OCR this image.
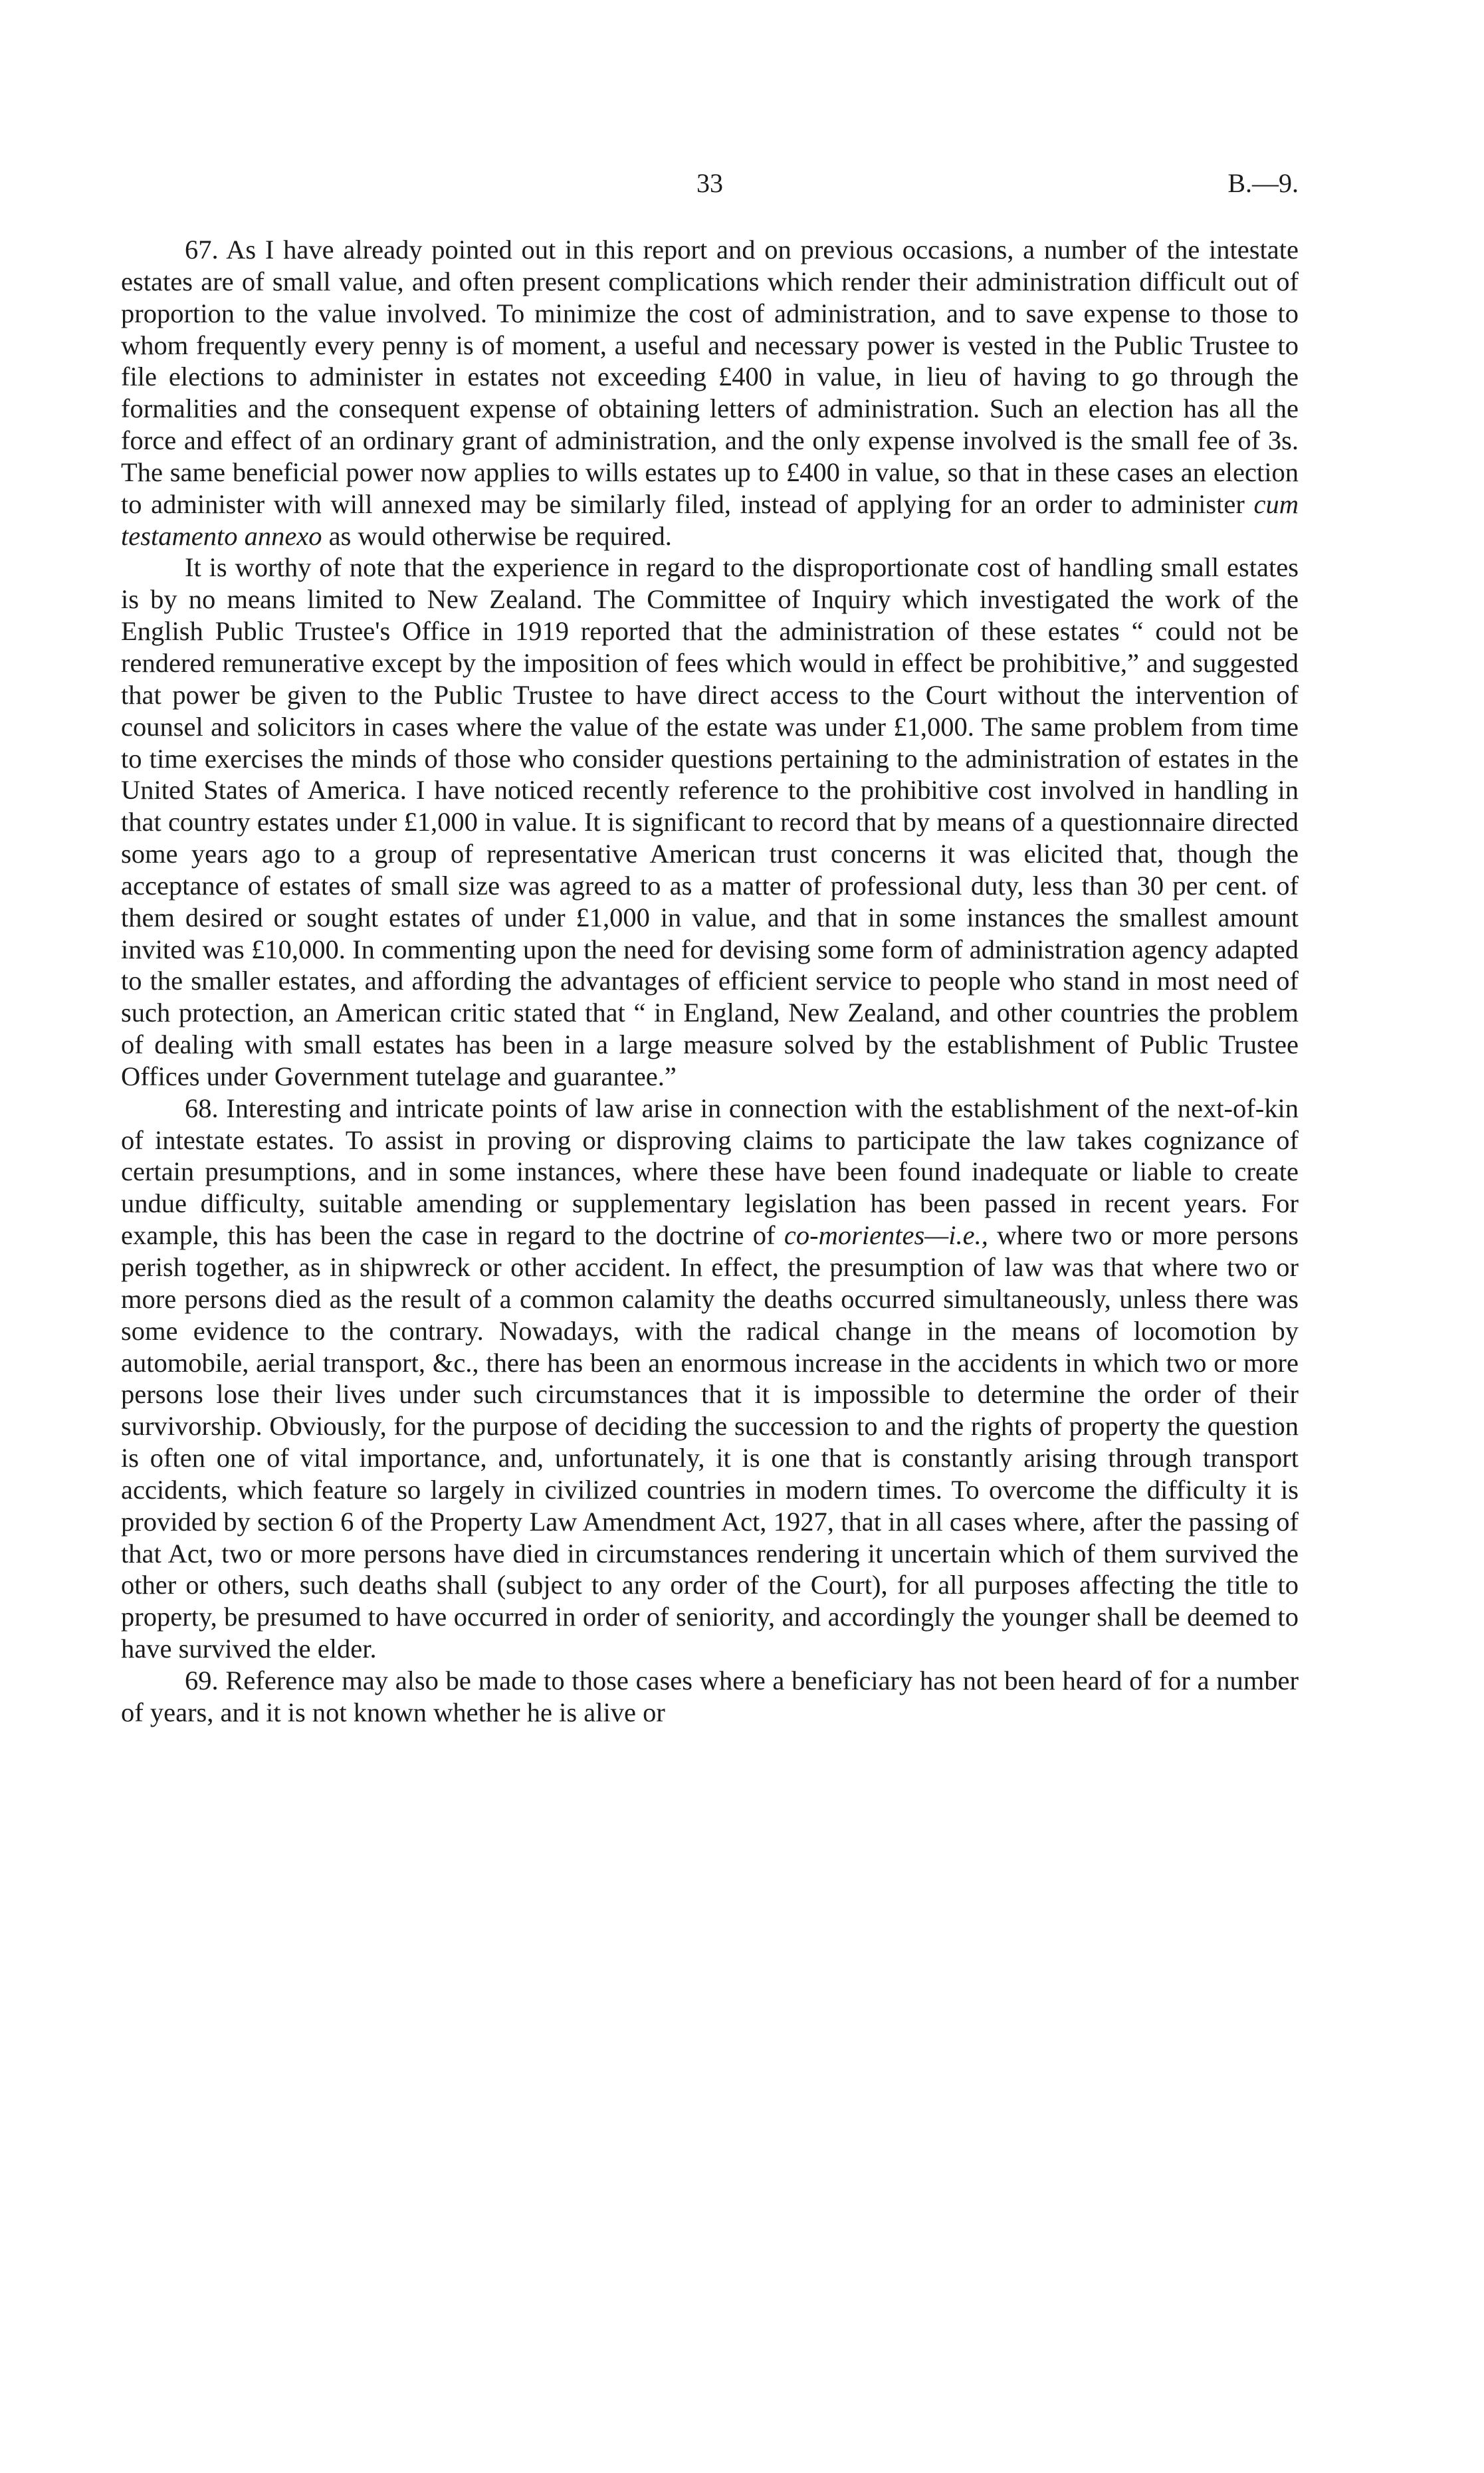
33	B.—9.

67. As I have already pointed out in this report and on previous occasions, a number of the intestate estates are of small value, and often present complications which render their administration difficult out of proportion to the value involved. To minimize the cost of administration, and to save expense to those to whom frequently every penny is of moment, a useful and necessary power is vested in the Public Trustee to file elections to administer in estates not exceeding £400 in value, in lieu of having to go through the formalities and the consequent expense of obtaining letters of administration. Such an election has all the force and effect of an ordinary grant of administration, and the only expense involved is the small fee of 3s. The same beneficial power now applies to wills estates up to £400 in value, so that in these cases an election to administer with will annexed may be similarly filed, instead of applying for an order to administer cum testamento annexo as would otherwise be required.

It is worthy of note that the experience in regard to the disproportionate cost of handling small estates is by no means limited to New Zealand. The Committee of Inquiry which investigated the work of the English Public Trustee's Office in 1919 reported that the administration of these estates “ could not be rendered remunerative except by the imposition of fees which would in effect be prohibitive,” and suggested that power be given to the Public Trustee to have direct access to the Court without the intervention of counsel and solicitors in cases where the value of the estate was under £1,000. The same problem from time to time exercises the minds of those who consider questions pertaining to the administration of estates in the United States of America. I have noticed recently reference to the prohibitive cost involved in handling in that country estates under £1,000 in value. It is significant to record that by means of a questionnaire directed some years ago to a group of representative American trust concerns it was elicited that, though the acceptance of estates of small size was agreed to as a matter of professional duty, less than 30 per cent. of them desired or sought estates of under £1,000 in value, and that in some instances the smallest amount invited was £10,000. In commenting upon the need for devising some form of administration agency adapted to the smaller estates, and affording the advantages of efficient service to people who stand in most need of such protection, an American critic stated that “ in England, New Zealand, and other countries the problem of dealing with small estates has been in a large measure solved by the establishment of Public Trustee Offices under Government tutelage and guarantee.”

68. Interesting and intricate points of law arise in connection with the establishment of the next-of-kin of intestate estates. To assist in proving or disproving claims to participate the law takes cognizance of certain presumptions, and in some instances, where these have been found inadequate or liable to create undue difficulty, suitable amending or supplementary legislation has been passed in recent years. For example, this has been the case in regard to the doctrine of co-morientes—i.e., where two or more persons perish together, as in shipwreck or other accident. In effect, the presumption of law was that where two or more persons died as the result of a common calamity the deaths occurred simultaneously, unless there was some evidence to the contrary. Nowadays, with the radical change in the means of locomotion by automobile, aerial transport, &c., there has been an enormous increase in the accidents in which two or more persons lose their lives under such circumstances that it is impossible to determine the order of their survivorship. Obviously, for the purpose of deciding the succession to and the rights of property the question is often one of vital importance, and, unfortunately, it is one that is constantly arising through transport accidents, which feature so largely in civilized countries in modern times. To overcome the difficulty it is provided by section 6 of the Property Law Amendment Act, 1927, that in all cases where, after the passing of that Act, two or more persons have died in circumstances rendering it uncertain which of them survived the other or others, such deaths shall (subject to any order of the Court), for all purposes affecting the title to property, be presumed to have occurred in order of seniority, and accordingly the younger shall be deemed to have survived the elder.

69. Reference may also be made to those cases where a beneficiary has not been heard of for a number of years, and it is not known whether he is alive or
